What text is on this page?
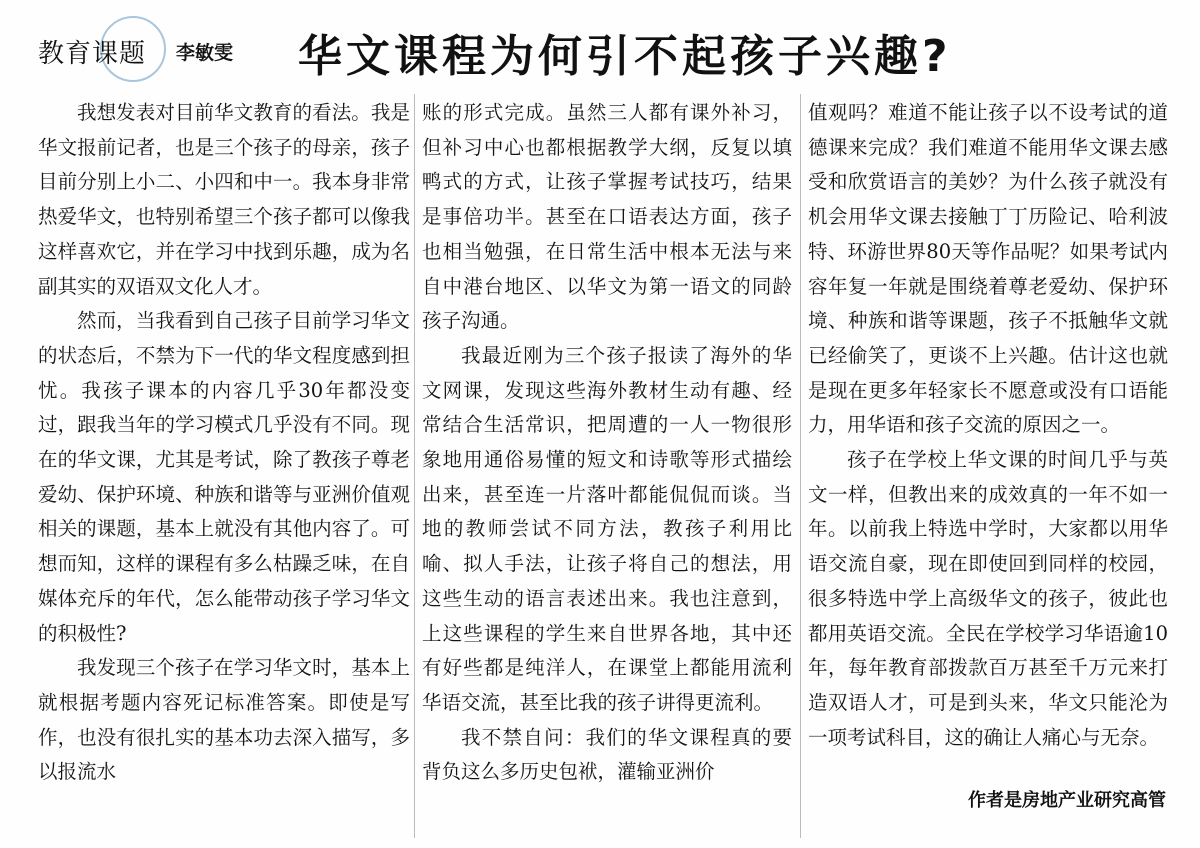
教育课题 李敏雯 华文课程为何引不起孩子兴趣?

我想发表对目前华文教育的看法。我是华文报前记者，也是三个孩子的母亲，孩子目前分别上小二、小四和中一。我本身非常热爱华文，也特别希望三个孩子都可以像我这样喜欢它，并在学习中找到乐趣，成为名副其实的双语双文化人才。

然而，当我看到自己孩子目前学习华文的状态后，不禁为下一代的华文程度感到担忧。我孩子课本的内容几乎30年都没变过，跟我当年的学习模式几乎没有不同。现在的华文课，尤其是考试，除了教孩子尊老爱幼、保护环境、种族和谐等与亚洲价值观相关的课题，基本上就没有其他内容了。可想而知，这样的课程有多么枯躁乏味，在自媒体充斥的年代，怎么能带动孩子学习华文的积极性?

我发现三个孩子在学习华文时，基本上就根据考题内容死记标准答案。即使是写作，也没有很扎实的基本功去深入描写，多以报流水

账的形式完成。虽然三人都有课外补习，但补习中心也都根据教学大纲，反复以填鸭式的方式，让孩子掌握考试技巧，结果是事倍功半。甚至在口语表达方面，孩子也相当勉强，在日常生活中根本无法与来自中港台地区、以华文为第一语文的同龄孩子沟通。

我最近刚为三个孩子报读了海外的华文网课，发现这些海外教材生动有趣、经常结合生活常识，把周遭的一人一物很形象地用通俗易懂的短文和诗歌等形式描绘出来，甚至连一片落叶都能侃侃而谈。当地的教师尝试不同方法，教孩子利用比喻、拟人手法，让孩子将自己的想法，用这些生动的语言表述出来。我也注意到，上这些课程的学生来自世界各地，其中还有好些都是纯洋人，在课堂上都能用流利华语交流，甚至比我的孩子讲得更流利。

我不禁自问：我们的华文课程真的要背负这么多历史包袱，灌输亚洲价

值观吗？难道不能让孩子以不设考试的道德课来完成？我们难道不能用华文课去感受和欣赏语言的美妙？为什么孩子就没有机会用华文课去接触丁丁历险记、哈利波特、环游世界80天等作品呢？如果考试内容年复一年就是围绕着尊老爱幼、保护环境、种族和谐等课题，孩子不抵触华文就已经偷笑了，更谈不上兴趣。估计这也就是现在更多年轻家长不愿意或没有口语能力，用华语和孩子交流的原因之一。

孩子在学校上华文课的时间几乎与英文一样，但教出来的成效真的一年不如一年。以前我上特选中学时，大家都以用华语交流自豪，现在即使回到同样的校园，很多特选中学上高级华文的孩子，彼此也都用英语交流。全民在学校学习华语逾10年，每年教育部拨款百万甚至千万元来打造双语人才，可是到头来，华文只能沦为一项考试科目，这的确让人痛心与无奈。

作者是房地产业研究高管
